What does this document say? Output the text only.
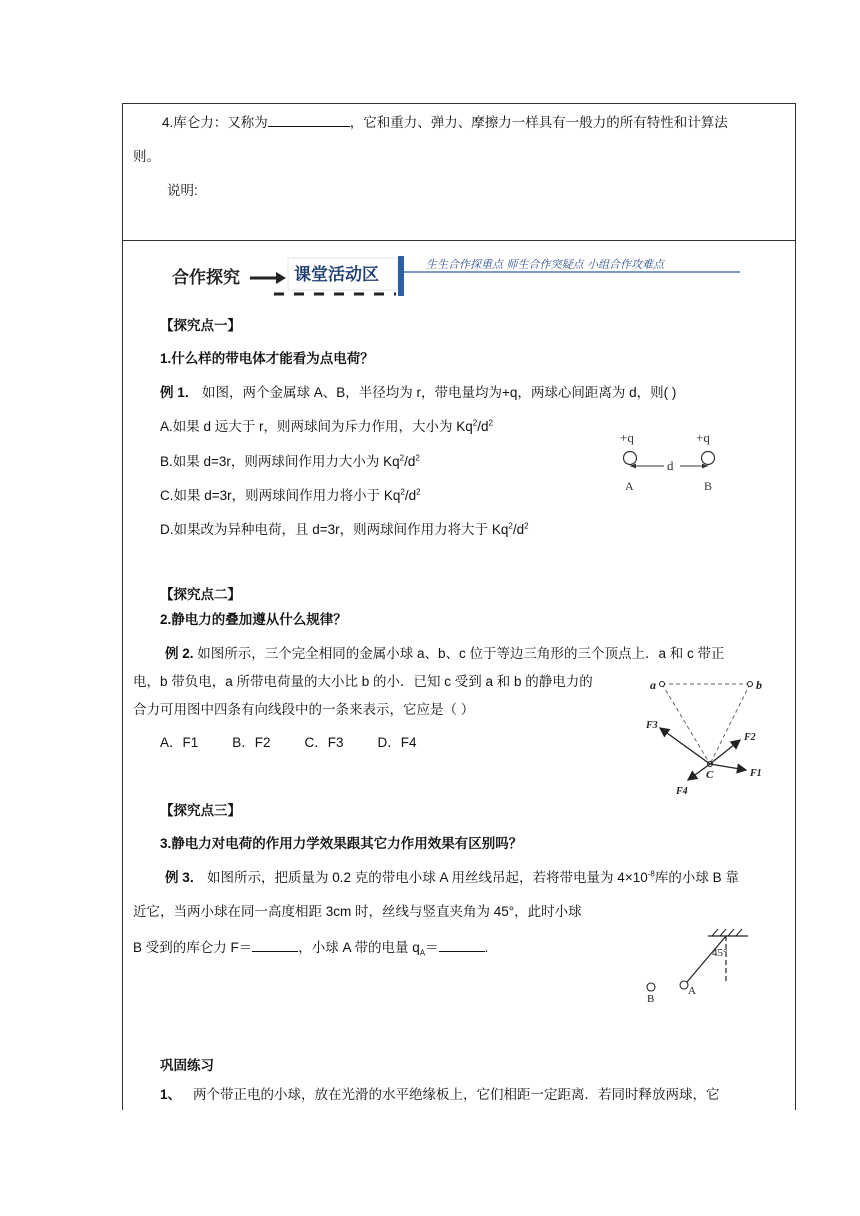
4.库仑力：又称为	，它和重力、弹力、摩擦力一样具有一般力的所有特性和计算法
则。
说明:
合作探究	课堂活动区
生生合作探重点 师生合作突疑点 小组合作攻难点
【探究点一】
1.什么样的带电体才能看为点电荷？
例 1． 如图，两个金属球 A、B，半径均为 r，带电量均为+q，两球心间距离为 d，则( )
A.如果 d 远大于 r，则两球间为斥力作用，大小为 $Kq^2/d^2$
B.如果 d=3r，则两球间作用力大小为 $Kq^2/d^2$
C.如果 d=3r，则两球间作用力将小于 $Kq^2/d^2$
D.如果改为异种电荷，且 d=3r，则两球间作用力将大于 $Kq^2/d^2$
+q	+q
d
A	B
【探究点二】
2.静电力的叠加遵从什么规律？
例 2. 如图所示，三个完全相同的金属小球 a、b、c 位于等边三角形的三个顶点上．a 和 c 带正
电，b 带负电，a 所带电荷量的大小比 b 的小．已知 c 受到 a 和 b 的静电力的
合力可用图中四条有向线段中的一条来表示，它应是（ ）
A．F1	B．F2	C．F3	D．F4
a	b
C
F3
F2
F1
F4
【探究点三】
3.静电力对电荷的作用力学效果跟其它力作用效果有区别吗？
例 3． 如图所示，把质量为 0.2 克的带电小球 A 用丝线吊起，若将带电量为 $4\times 10^{-8}$库的小球 B 靠
近它，当两小球在同一高度相距 3cm 时，丝线与竖直夹角为 45°，此时小球
B 受到的库仑力 F＝	，小球 A 带的电量 $q_A=$	.	45°
A
B
巩固练习
1、 两个带正电的小球，放在光滑的水平绝缘板上，它们相距一定距离．若同时释放两球，它
